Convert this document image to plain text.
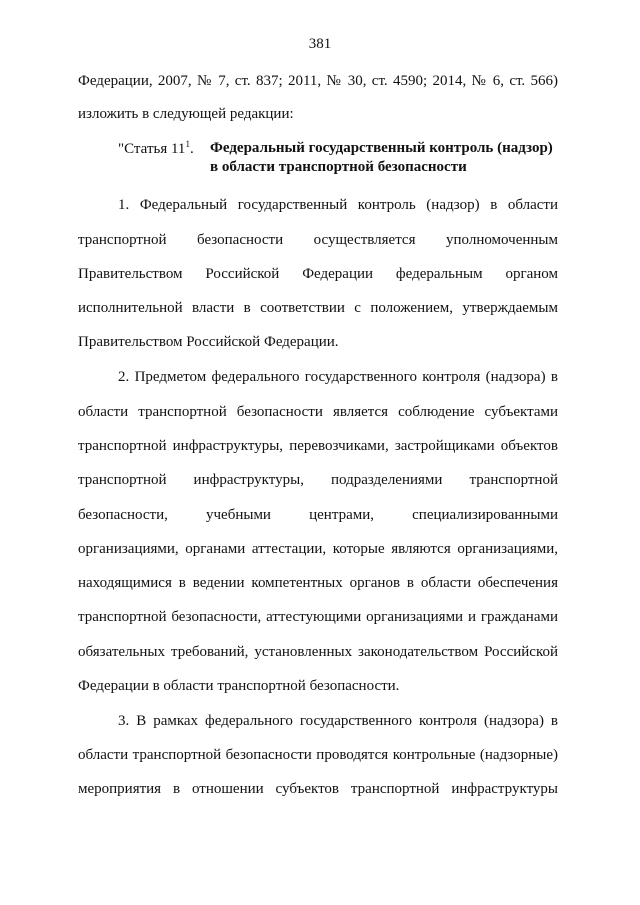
381
Федерации, 2007, № 7, ст. 837; 2011, № 30, ст. 4590; 2014, № 6, ст. 566)
изложить в следующей редакции:
"Статья $11^1$. Федеральный государственный контроль (надзор)
в области транспортной безопасности
1. Федеральный государственный контроль (надзор) в области
транспортной безопасности осуществляется уполномоченным
Правительством Российской Федерации федеральным органом
исполнительной власти в соответствии с положением, утверждаемым
Правительством Российской Федерации.
2. Предметом федерального государственного контроля (надзора) в
области транспортной безопасности является соблюдение субъектами
транспортной инфраструктуры, перевозчиками, застройщиками объектов
транспортной инфраструктуры, подразделениями транспортной
безопасности, учебными центрами, специализированными
организациями, органами аттестации, которые являются организациями,
находящимися в ведении компетентных органов в области обеспечения
транспортной безопасности, аттестующими организациями и гражданами
обязательных требований, установленных законодательством Российской
Федерации в области транспортной безопасности.
3. В рамках федерального государственного контроля (надзора) в
области транспортной безопасности проводятся контрольные (надзорные)
мероприятия в отношении субъектов транспортной инфраструктуры
